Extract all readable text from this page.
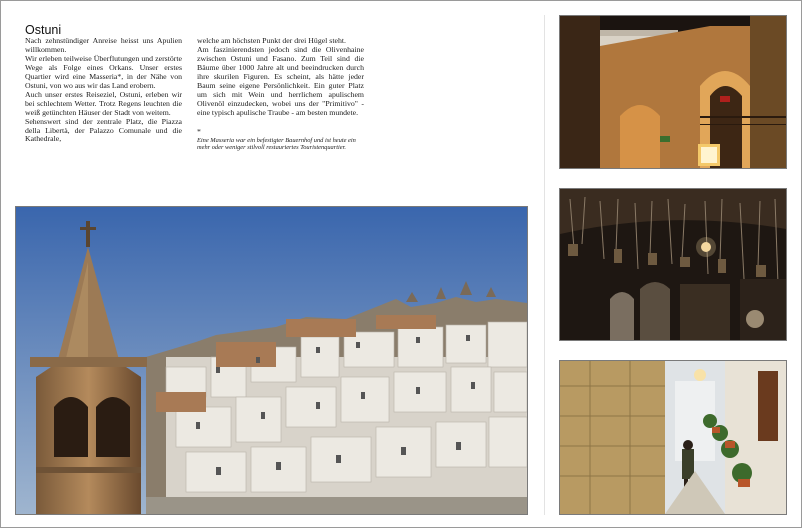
Ostuni

Nach zehnstündiger Anreise heisst uns Apulien willkommen.

Wir erleben teilweise Überflutungen und zerstörte Wege als Folge eines Orkans. Unser erstes Quartier wird eine Masseria*, in der Nähe von Ostuni, von wo aus wir das Land erobern.

Auch unser erstes Reiseziel, Ostuni, erleben wir bei schlechtem Wetter. Trotz Regens leuchten die weiß getünchten Häuser der Stadt von weitem.

Sehenswert sind der zentrale Platz, die Piazza della Libertà, der Palazzo Comunale und die Kathedrale,

welche am höchsten Punkt der drei Hügel steht.

Am faszinierendsten jedoch sind die Olivenhaine zwischen Ostuni und Fasano. Zum Teil sind die Bäume über 1000 Jahre alt und beeindrucken durch ihre skurilen Figuren. Es scheint, als hätte jeder Baum seine eigene Persönlichkeit. Ein guter Platz um sich mit Wein und herrlichem apulischem Olivenöl einzudecken, wobei uns der "Primitivo" - eine typisch apulische Traube - am besten mundete.

*

Eine Masseria war ein befestigter Bauernhof und ist heute ein mehr oder weniger stilvoll restauriertes Touristenquartier.
